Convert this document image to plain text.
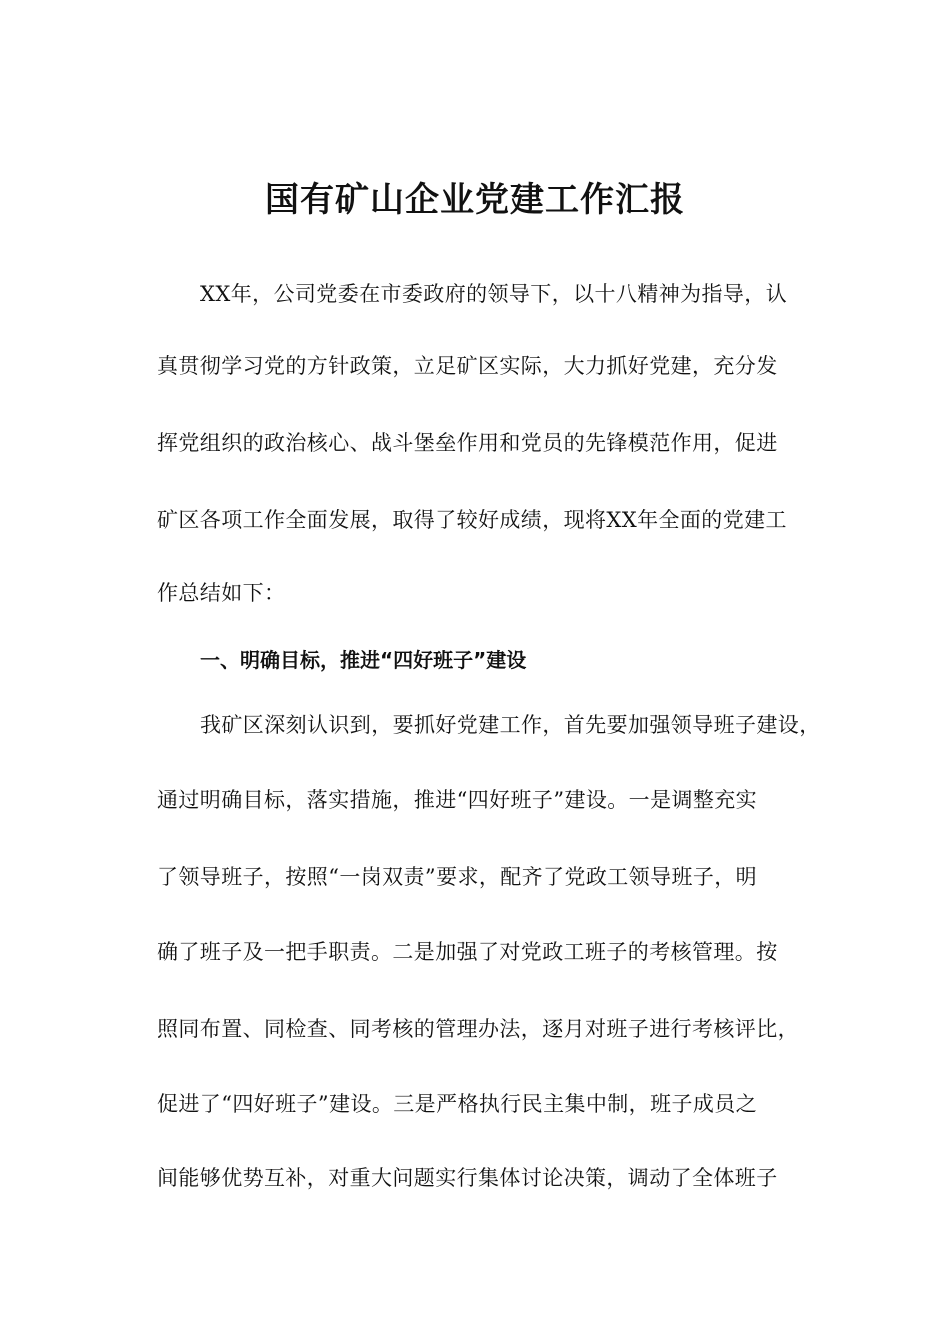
国有矿山企业党建工作汇报
XX年，公司党委在市委政府的领导下，以十八精神为指导，认
真贯彻学习党的方针政策，立足矿区实际，大力抓好党建，充分发
挥党组织的政治核心、战斗堡垒作用和党员的先锋模范作用，促进
矿区各项工作全面发展，取得了较好成绩，现将XX年全面的党建工
作总结如下：
一、明确目标，推进“四好班子”建设
我矿区深刻认识到，要抓好党建工作，首先要加强领导班子建设，
通过明确目标，落实措施，推进“四好班子”建设。一是调整充实
了领导班子，按照“一岗双责”要求，配齐了党政工领导班子，明
确了班子及一把手职责。二是加强了对党政工班子的考核管理。按
照同布置、同检查、同考核的管理办法，逐月对班子进行考核评比，
促进了“四好班子”建设。三是严格执行民主集中制，班子成员之
间能够优势互补，对重大问题实行集体讨论决策，调动了全体班子
